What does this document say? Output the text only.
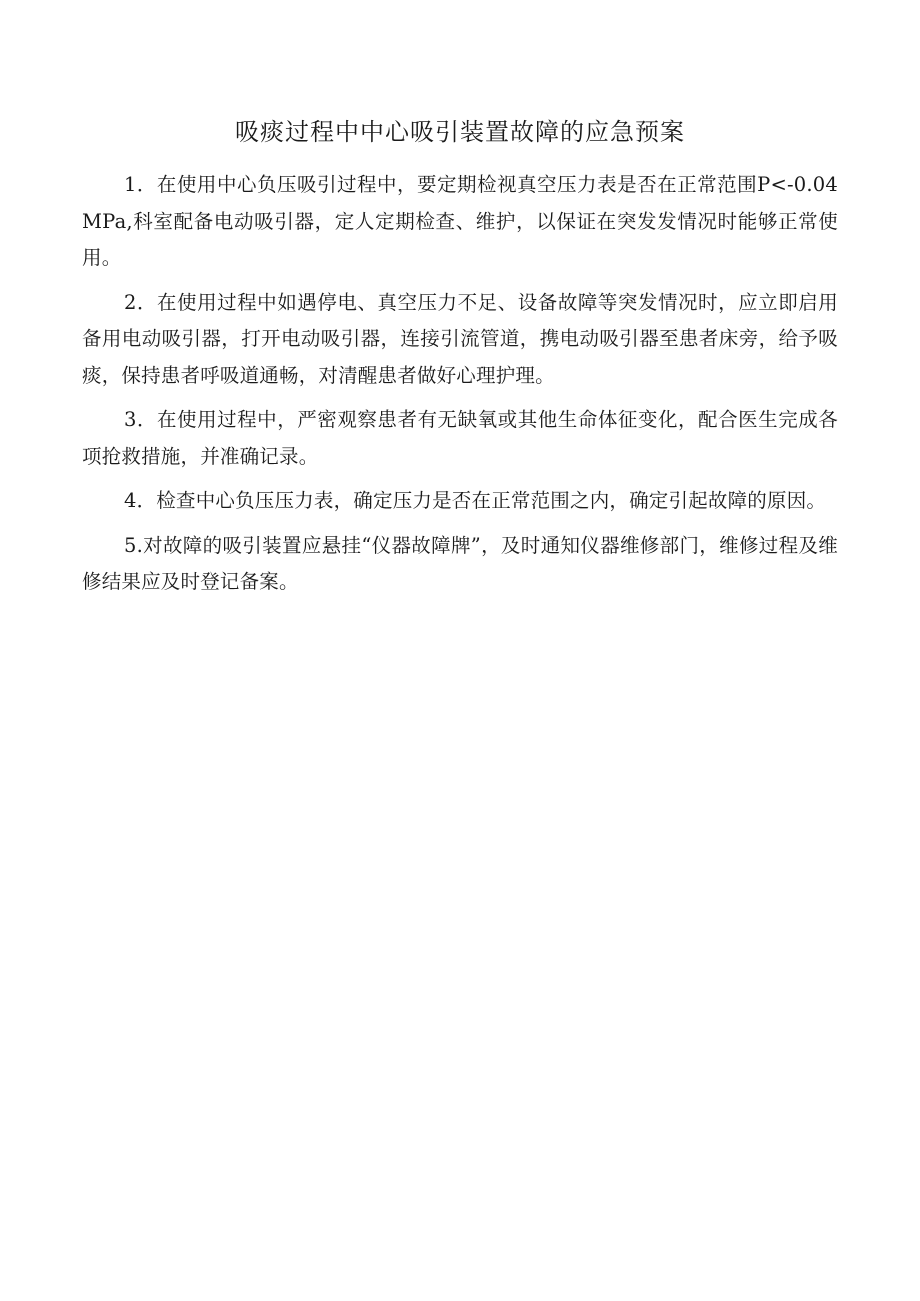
吸痰过程中中心吸引装置故障的应急预案

1．在使用中心负压吸引过程中，要定期检视真空压力表是否在正常范围P<-0.04MPa,科室配备电动吸引器，定人定期检查、维护，以保证在突发发情况时能够正常使用。

2．在使用过程中如遇停电、真空压力不足、设备故障等突发情况时，应立即启用备用电动吸引器，打开电动吸引器，连接引流管道，携电动吸引器至患者床旁，给予吸痰，保持患者呼吸道通畅，对清醒患者做好心理护理。

3．在使用过程中，严密观察患者有无缺氧或其他生命体征变化，配合医生完成各项抢救措施，并准确记录。

4．检查中心负压压力表，确定压力是否在正常范围之内，确定引起故障的原因。

5.对故障的吸引装置应悬挂“仪器故障牌”，及时通知仪器维修部门，维修过程及维修结果应及时登记备案。
